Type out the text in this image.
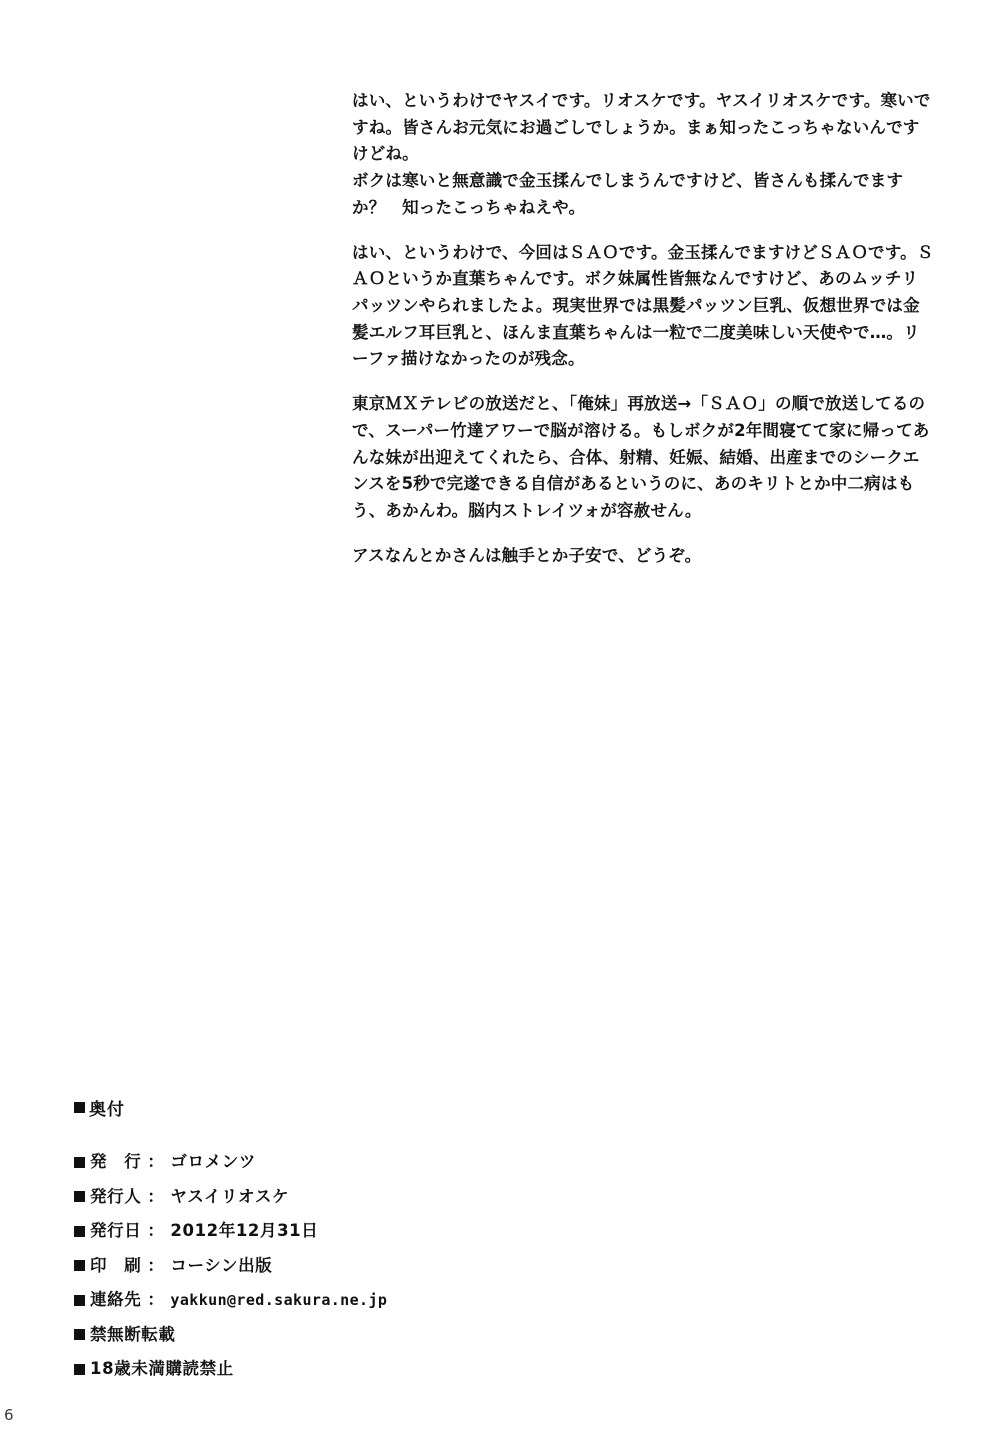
はい、というわけでヤスイです。リオスケです。ヤスイリオスケです。寒いですね。皆さんお元気にお過ごしでしょうか。まぁ知ったこっちゃないんですけどね。
ボクは寒いと無意識で金玉揉んでしまうんですけど、皆さんも揉んでますか？　知ったこっちゃねえや。

はい、というわけで、今回はＳＡＯです。金玉揉んでますけどＳＡＯです。ＳＡＯというか直葉ちゃんです。ボク妹属性皆無なんですけど、あのムッチリパッツンやられましたよ。現実世界では黒髪パッツン巨乳、仮想世界では金髪エルフ耳巨乳と、ほんま直葉ちゃんは一粒で二度美味しい天使やで…。リーファ描けなかったのが残念。

東京ＭＸテレビの放送だと、「俺妹」再放送→「ＳＡＯ」の順で放送してるので、スーパー竹達アワーで脳が溶ける。もしボクが2年間寝てて家に帰ってあんな妹が出迎えてくれたら、合体、射精、妊娠、結婚、出産までのシークエンスを5秒で完遂できる自信があるというのに、あのキリトとか中二病はもう、あかんわ。脳内ストレイツォが容赦せん。

アスなんとかさんは触手とか子安で、どうぞ。

奥付
発　行 ： ゴロメンツ
発行人 ： ヤスイリオスケ
発行日 ： 2012年12月31日
印　刷 ： コーシン出版
連絡先 ： yakkun@red.sakura.ne.jp
禁無断転載
18歳未満購読禁止
6
